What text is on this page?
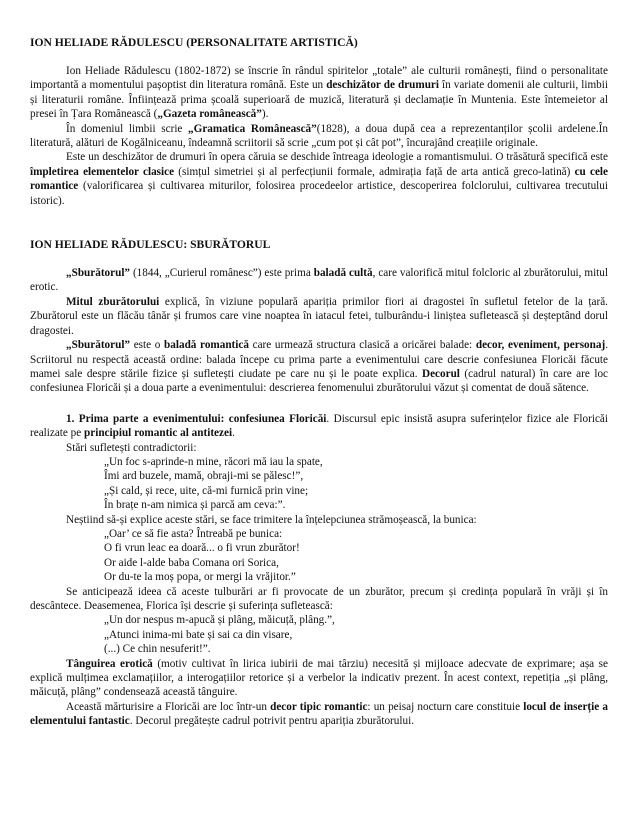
ION HELIADE RĂDULESCU (PERSONALITATE ARTISTICĂ)

Ion Heliade Rădulescu (1802-1872) se înscrie în rândul spiritelor „totale” ale culturii românești, fiind o personalitate importantă a momentului pașoptist din literatura română. Este un deschizător de drumuri în variate domenii ale culturii, limbii și literaturii române. Înființează prima școală superioară de muzică, literatură și declamație în Muntenia. Este întemeietor al presei în Țara Românească („Gazeta românească”).

În domeniul limbii scrie „Gramatica Românească”(1828), a doua după cea a reprezentanților școlii ardelene.În literatură, alături de Kogălniceanu, îndeamnă scriitorii să scrie „cum pot și cât pot”, încurajând creațiile originale.

Este un deschizător de drumuri în opera căruia se deschide întreaga ideologie a romantismului. O trăsătură specifică este împletirea elementelor clasice (simțul simetriei și al perfecțiunii formale, admirația față de arta antică greco-latină) cu cele romantice (valorificarea și cultivarea miturilor, folosirea procedeelor artistice, descoperirea folclorului, cultivarea trecutului istoric).

ION HELIADE RĂDULESCU: SBURĂTORUL

„Sburătorul” (1844, „Curierul românesc”) este prima baladă cultă, care valorifică mitul folcloric al zburătorului, mitul erotic.

Mitul zburătorului explică, în viziune populară apariția primilor fiori ai dragostei în sufletul fetelor de la țară. Zburătorul este un flăcău tânăr și frumos care vine noaptea în iatacul fetei, tulburându-i liniștea sufletească și deșteptând dorul dragostei.

„Sburătorul” este o baladă romantică care urmează structura clasică a oricărei balade: decor, eveniment, personaj. Scriitorul nu respectă această ordine: balada începe cu prima parte a evenimentului care descrie confesiunea Floricăi făcute mamei sale despre stările fizice și sufletești ciudate pe care nu și le poate explica. Decorul (cadrul natural) în care are loc confesiunea Floricăi și a doua parte a evenimentului: descrierea fenomenului zburătorului văzut și comentat de două sătence.

1. Prima parte a evenimentului: confesiunea Floricăi. Discursul epic insistă asupra suferințelor fizice ale Floricăi realizate pe principiul romantic al antitezei.

Stări sufletești contradictorii:

„Un foc s-aprinde-n mine, răcori mă iau la spate,
Îmi ard buzele, mamă, obraji-mi se pălesc!”,
„Și cald, și rece, uite, că-mi furnică prin vine;
În brațe n-am nimica și parcă am ceva:”.

Neștiind să-și explice aceste stări, se face trimitere la înțelepciunea strămoșească, la bunica:

„Oar’ ce să fie asta? Întreabă pe bunica:
O fi vrun leac ea doară... o fi vrun zburător!
Or aide l-alde baba Comana ori Sorica,
Or du-te la moș popa, or mergi la vrăjitor.”

Se anticipează ideea că aceste tulburări ar fi provocate de un zburător, precum și credința populară în vrăji și în descântece. Deasemenea, Florica își descrie și suferința sufletească:

„Un dor nespus m-apucă și plâng, măicuță, plâng.”,
„Atunci inima-mi bate și sai ca din visare,
(...) Ce chin nesuferit!”.

Tânguirea erotică (motiv cultivat în lirica iubirii de mai târziu) necesită și mijloace adecvate de exprimare; așa se explică mulțimea exclamațiilor, a interogațiilor retorice și a verbelor la indicativ prezent. În acest context, repetiția „și plâng, măicuță, plâng” condensează această tânguire.

Această mărturisire a Floricăi are loc într-un decor tipic romantic: un peisaj nocturn care constituie locul de inserție a elementului fantastic. Decorul pregătește cadrul potrivit pentru apariția zburătorului.
